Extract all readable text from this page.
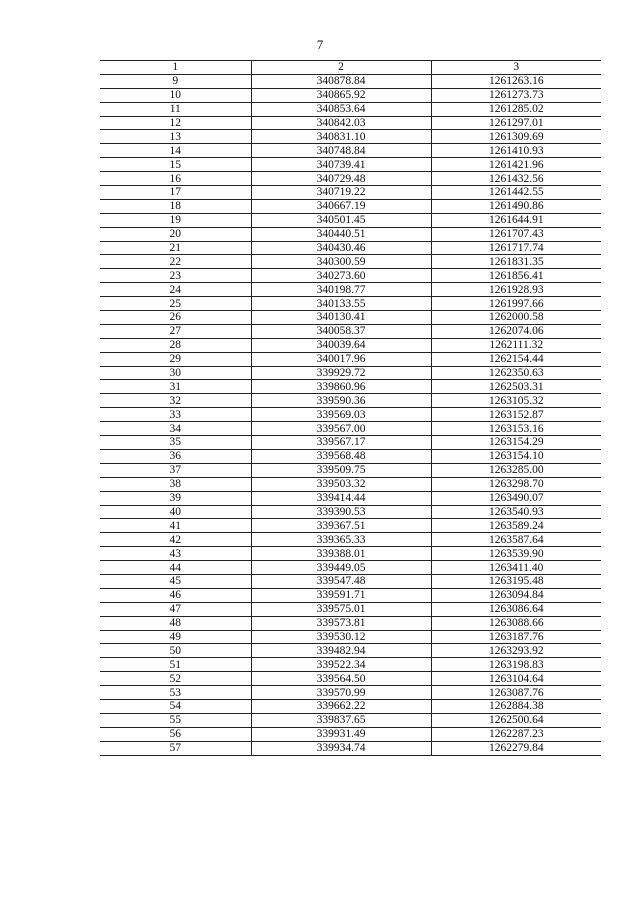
7
1	2	3
9	340878.84	1261263.16
10	340865.92	1261273.73
11	340853.64	1261285.02
12	340842.03	1261297.01
13	340831.10	1261309.69
14	340748.84	1261410.93
15	340739.41	1261421.96
16	340729.48	1261432.56
17	340719.22	1261442.55
18	340667.19	1261490.86
19	340501.45	1261644.91
20	340440.51	1261707.43
21	340430.46	1261717.74
22	340300.59	1261831.35
23	340273.60	1261856.41
24	340198.77	1261928.93
25	340133.55	1261997.66
26	340130.41	1262000.58
27	340058.37	1262074.06
28	340039.64	1262111.32
29	340017.96	1262154.44
30	339929.72	1262350.63
31	339860.96	1262503.31
32	339590.36	1263105.32
33	339569.03	1263152.87
34	339567.00	1263153.16
35	339567.17	1263154.29
36	339568.48	1263154.10
37	339509.75	1263285.00
38	339503.32	1263298.70
39	339414.44	1263490.07
40	339390.53	1263540.93
41	339367.51	1263589.24
42	339365.33	1263587.64
43	339388.01	1263539.90
44	339449.05	1263411.40
45	339547.48	1263195.48
46	339591.71	1263094.84
47	339575.01	1263086.64
48	339573.81	1263088.66
49	339530.12	1263187.76
50	339482.94	1263293.92
51	339522.34	1263198.83
52	339564.50	1263104.64
53	339570.99	1263087.76
54	339662.22	1262884.38
55	339837.65	1262500.64
56	339931.49	1262287.23
57	339934.74	1262279.84
